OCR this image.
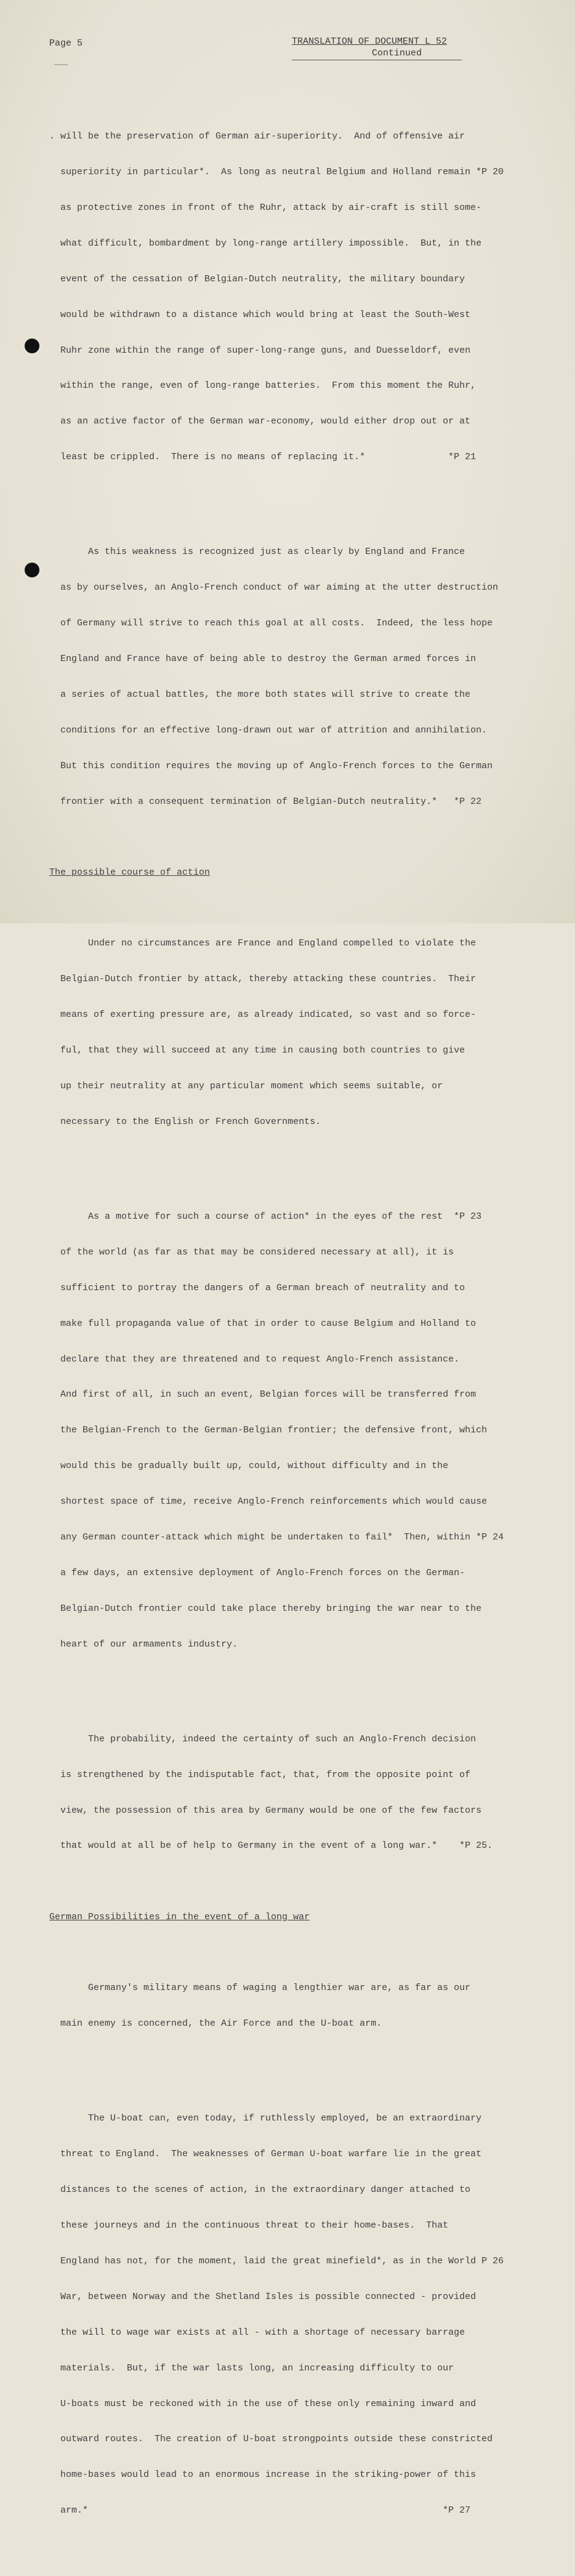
Page 5	TRANSLATION OF DOCUMENT L 52
Continued

. will be the preservation of German air-superiority.  And of offensive air

superiority in particular*.  As long as neutral Belgium and Holland remain *P 20

as protective zones in front of the Ruhr, attack by air-craft is still some-

what difficult, bombardment by long-range artillery impossible.  But, in the

event of the cessation of Belgian-Dutch neutrality, the military boundary

would be withdrawn to a distance which would bring at least the South-West

Ruhr zone within the range of super-long-range guns, and Duesseldorf, even

within the range, even of long-range batteries.  From this moment the Ruhr,

as an active factor of the German war-economy, would either drop out or at

least be crippled.  There is no means of replacing it.*               *P 21

As this weakness is recognized just as clearly by England and France

as by ourselves, an Anglo-French conduct of war aiming at the utter destruction

of Germany will strive to reach this goal at all costs.  Indeed, the less hope

England and France have of being able to destroy the German armed forces in

a series of actual battles, the more both states will strive to create the

conditions for an effective long-drawn out war of attrition and annihilation.

But this condition requires the moving up of Anglo-French forces to the German

frontier with a consequent termination of Belgian-Dutch neutrality.*   *P 22

The possible course of action

Under no circumstances are France and England compelled to violate the

Belgian-Dutch frontier by attack, thereby attacking these countries.  Their

means of exerting pressure are, as already indicated, so vast and so force-

ful, that they will succeed at any time in causing both countries to give

up their neutrality at any particular moment which seems suitable, or

necessary to the English or French Governments.

As a motive for such a course of action* in the eyes of the rest  *P 23

of the world (as far as that may be considered necessary at all), it is

sufficient to portray the dangers of a German breach of neutrality and to

make full propaganda value of that in order to cause Belgium and Holland to

declare that they are threatened and to request Anglo-French assistance.

And first of all, in such an event, Belgian forces will be transferred from

the Belgian-French to the German-Belgian frontier; the defensive front, which

would this be gradually built up, could, without difficulty and in the

shortest space of time, receive Anglo-French reinforcements which would cause

any German counter-attack which might be undertaken to fail*  Then, within *P 24

a few days, an extensive deployment of Anglo-French forces on the German-

Belgian-Dutch frontier could take place thereby bringing the war near to the

heart of our armaments industry.

The probability, indeed the certainty of such an Anglo-French decision

is strengthened by the indisputable fact, that, from the opposite point of

view, the possession of this area by Germany would be one of the few factors

that would at all be of help to Germany in the event of a long war.*    *P 25.

German Possibilities in the event of a long war

Germany's military means of waging a lengthier war are, as far as our

main enemy is concerned, the Air Force and the U-boat arm.

The U-boat can, even today, if ruthlessly employed, be an extraordinary

threat to England.  The weaknesses of German U-boat warfare lie in the great

distances to the scenes of action, in the extraordinary danger attached to

these journeys and in the continuous threat to their home-bases.  That

England has not, for the moment, laid the great minefield*, as in the World P 26

War, between Norway and the Shetland Isles is possible connected - provided

the will to wage war exists at all - with a shortage of necessary barrage

materials.  But, if the war lasts long, an increasing difficulty to our

U-boats must be reckoned with in the use of these only remaining inward and

outward routes.  The creation of U-boat strongpoints outside these constricted

home-bases would lead to an enormous increase in the striking-power of this

arm.*                                                                *P 27
